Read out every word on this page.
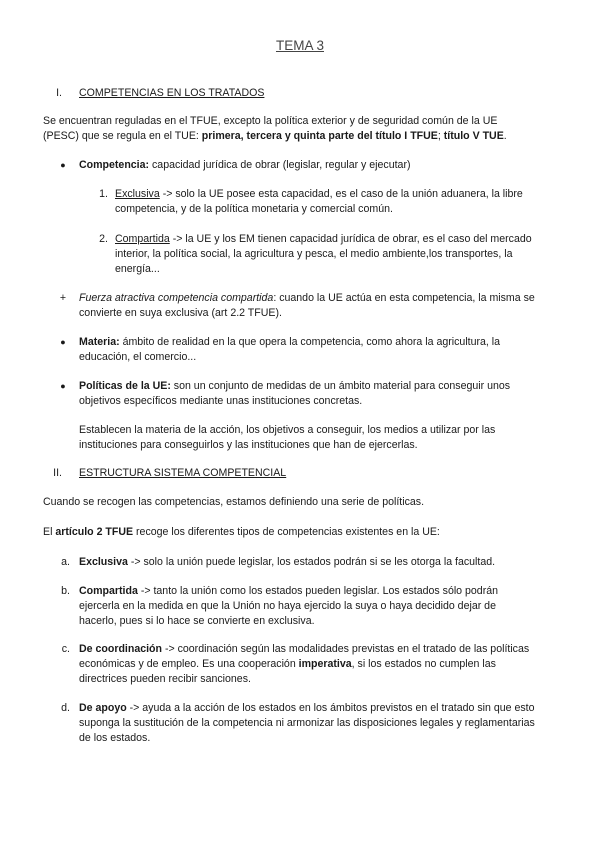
TEMA 3
I. COMPETENCIAS EN LOS TRATADOS
Se encuentran reguladas en el TFUE, excepto la política exterior y de seguridad común de la UE
(PESC) que se regula en el TUE: primera, tercera y quinta parte del título I TFUE; título V TUE.
●	Competencia: capacidad jurídica de obrar (legislar, regular y ejecutar)
1. Exclusiva -> solo la UE posee esta capacidad, es el caso de la unión aduanera, la libre
competencia, y de la política monetaria y comercial común.
2. Compartida -> la UE y los EM tienen capacidad jurídica de obrar, es el caso del mercado
interior, la política social, la agricultura y pesca, el medio ambiente,los transportes, la
energía...
+ Fuerza atractiva competencia compartida: cuando la UE actúa en esta competencia, la misma se
convierte en suya exclusiva (art 2.2 TFUE).
●	Materia: ámbito de realidad en la que opera la competencia, como ahora la agricultura, la
educación, el comercio...
●	Políticas de la UE: son un conjunto de medidas de un ámbito material para conseguir unos
objetivos específicos mediante unas instituciones concretas.
Establecen la materia de la acción, los objetivos a conseguir, los medios a utilizar por las
instituciones para conseguirlos y las instituciones que han de ejercerlas.
II. ESTRUCTURA SISTEMA COMPETENCIAL
Cuando se recogen las competencias, estamos definiendo una serie de políticas.
El artículo 2 TFUE recoge los diferentes tipos de competencias existentes en la UE:
a. Exclusiva -> solo la unión puede legislar, los estados podrán si se les otorga la facultad.
b. Compartida -> tanto la unión como los estados pueden legislar. Los estados sólo podrán
ejercerla en la medida en que la Unión no haya ejercido la suya o haya decidido dejar de
hacerlo, pues si lo hace se convierte en exclusiva.
c. De coordinación -> coordinación según las modalidades previstas en el tratado de las políticas
económicas y de empleo. Es una cooperación imperativa, si los estados no cumplen las
directrices pueden recibir sanciones.
d. De apoyo -> ayuda a la acción de los estados en los ámbitos previstos en el tratado sin que esto
suponga la sustitución de la competencia ni armonizar las disposiciones legales y reglamentarias
de los estados.
